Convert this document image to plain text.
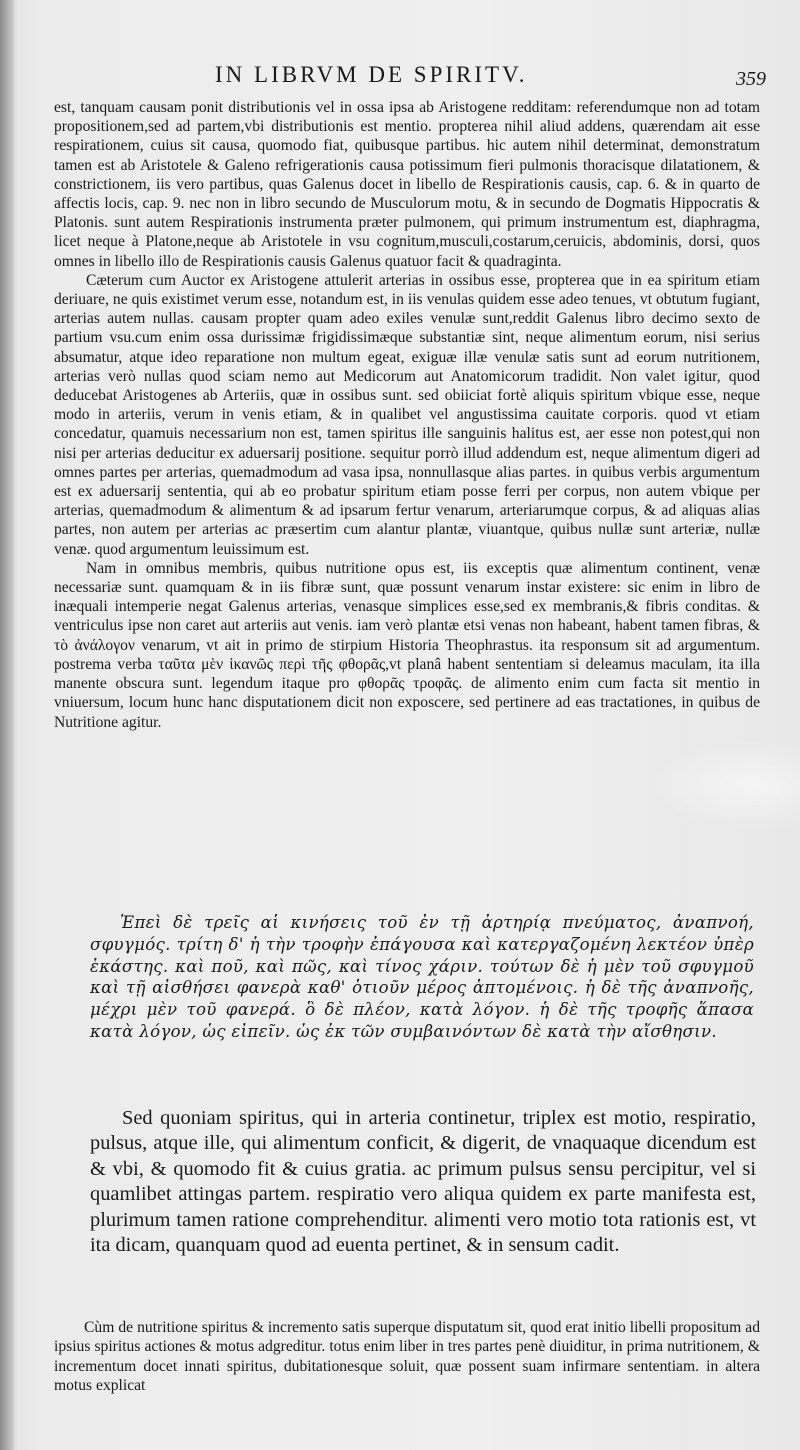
IN LIBRVM DE SPIRITV.	359

est, tanquam causam ponit distributionis vel in ossa ipsa ab Aristogene redditam: referendumque non ad totam propositionem,sed ad partem,vbi distributionis est mentio. propterea nihil aliud addens, quærendam ait esse respirationem, cuius sit causa, quomodo fiat, quibusque partibus. hic autem nihil determinat, demonstratum tamen est ab Aristotele & Galeno refrigerationis causa potissimum fieri pulmonis thoracisque dilatationem, & constrictionem, iis vero partibus, quas Galenus docet in libello de Respirationis causis, cap. 6. & in quarto de affectis locis, cap. 9. nec non in libro secundo de Musculorum motu, & in secundo de Dogmatis Hippocratis & Platonis. sunt autem Respirationis instrumenta præter pulmonem, qui primum instrumentum est, diaphragma, licet neque à Platone,neque ab Aristotele in vsu cognitum,musculi,costarum,ceruicis, abdominis, dorsi, quos omnes in libello illo de Respirationis causis Galenus quatuor facit & quadraginta.

Cæterum cum Auctor ex Aristogene attulerit arterias in ossibus esse, propterea que in ea spiritum etiam deriuare, ne quis existimet verum esse, notandum est, in iis venulas quidem esse adeo tenues, vt obtutum fugiant, arterias autem nullas. causam propter quam adeo exiles venulæ sunt,reddit Galenus libro decimo sexto de partium vsu.cum enim ossa durissimæ frigidissimæque substantiæ sint, neque alimentum eorum, nisi serius absumatur, atque ideo reparatione non multum egeat, exiguæ illæ venulæ satis sunt ad eorum nutritionem, arterias verò nullas quod sciam nemo aut Medicorum aut Anatomicorum tradidit. Non valet igitur, quod deducebat Aristogenes ab Arteriis, quæ in ossibus sunt. sed obiiciat fortè aliquis spiritum vbique esse, neque modo in arteriis, verum in venis etiam, & in qualibet vel angustissima cauitate corporis. quod vt etiam concedatur, quamuis necessarium non est, tamen spiritus ille sanguinis halitus est, aer esse non potest,qui non nisi per arterias deducitur ex aduersarij positione. sequitur porrò illud addendum est, neque alimentum digeri ad omnes partes per arterias, quemadmodum ad vasa ipsa, nonnullasque alias partes. in quibus verbis argumentum est ex aduersarij sententia, qui ab eo probatur spiritum etiam posse ferri per corpus, non autem vbique per arterias, quemadmodum & alimentum & ad ipsarum fertur venarum, arteriarumque corpus, & ad aliquas alias partes, non autem per arterias ac præsertim cum alantur plantæ, viuantque, quibus nullæ sunt arteriæ, nullæ venæ. quod argumentum leuissimum est.

Nam in omnibus membris, quibus nutritione opus est, iis exceptis quæ alimentum continent, venæ necessariæ sunt. quamquam & in iis fibræ sunt, quæ possunt venarum instar existere: sic enim in libro de inæquali intemperie negat Galenus arterias, venasque simplices esse,sed ex membranis,& fibris conditas. & ventriculus ipse non caret aut arteriis aut venis. iam verò plantæ etsi venas non habeant, habent tamen fibras, & τὸ ἀνάλογον venarum, vt ait in primo de stirpium Historia Theophrastus. ita responsum sit ad argumentum. postrema verba ταῦτα μὲν ἱκανῶς περὶ τῆς φθορᾶς,vt planâ habent sententiam si deleamus maculam, ita illa manente obscura sunt. legendum itaque pro φθορᾶς τροφᾶς. de alimento enim cum facta sit mentio in vniuersum, locum hunc hanc disputationem dicit non exposcere, sed pertinere ad eas tractationes, in quibus de Nutritione agitur.

Ἐπεὶ δὲ τρεῖς αἱ κινήσεις τοῦ ἐν τῇ ἀρτηρίᾳ πνεύματος, ἀναπνοή, σφυγμός. τρίτη δ' ἡ τὴν τροφὴν ἐπάγουσα καὶ κατεργαζομένη λεκτέον ὑπὲρ ἑκάστης. καὶ ποῦ, καὶ πῶς, καὶ τίνος χάριν. τούτων δὲ ἡ μὲν τοῦ σφυγμοῦ καὶ τῇ αἰσθήσει φανερὰ καθ' ὁτιοῦν μέρος ἁπτομένοις. ἡ δὲ τῆς ἀναπνοῆς, μέχρι μὲν τοῦ φανερά. ὃ δὲ πλέον, κατὰ λόγον. ἡ δὲ τῆς τροφῆς ἅπασα κατὰ λόγον, ὡς εἰπεῖν. ὡς ἐκ τῶν συμβαινόντων δὲ κατὰ τὴν αἴσθησιν.

Sed quoniam spiritus, qui in arteria continetur, triplex est motio, respiratio, pulsus, atque ille, qui alimentum conficit, & digerit, de vnaquaque dicendum est & vbi, & quomodo fit & cuius gratia. ac primum pulsus sensu percipitur, vel si quamlibet attingas partem. respiratio vero aliqua quidem ex parte manifesta est, plurimum tamen ratione comprehenditur. alimenti vero motio tota rationis est, vt ita dicam, quanquam quod ad euenta pertinet, & in sensum cadit.

Cùm de nutritione spiritus & incremento satis superque disputatum sit, quod erat initio libelli propositum ad ipsius spiritus actiones & motus adgreditur. totus enim liber in tres partes penè diuiditur, in prima nutritionem, & incrementum docet innati spiritus, dubitationesque soluit, quæ possent suam infirmare sententiam. in altera motus explicat
